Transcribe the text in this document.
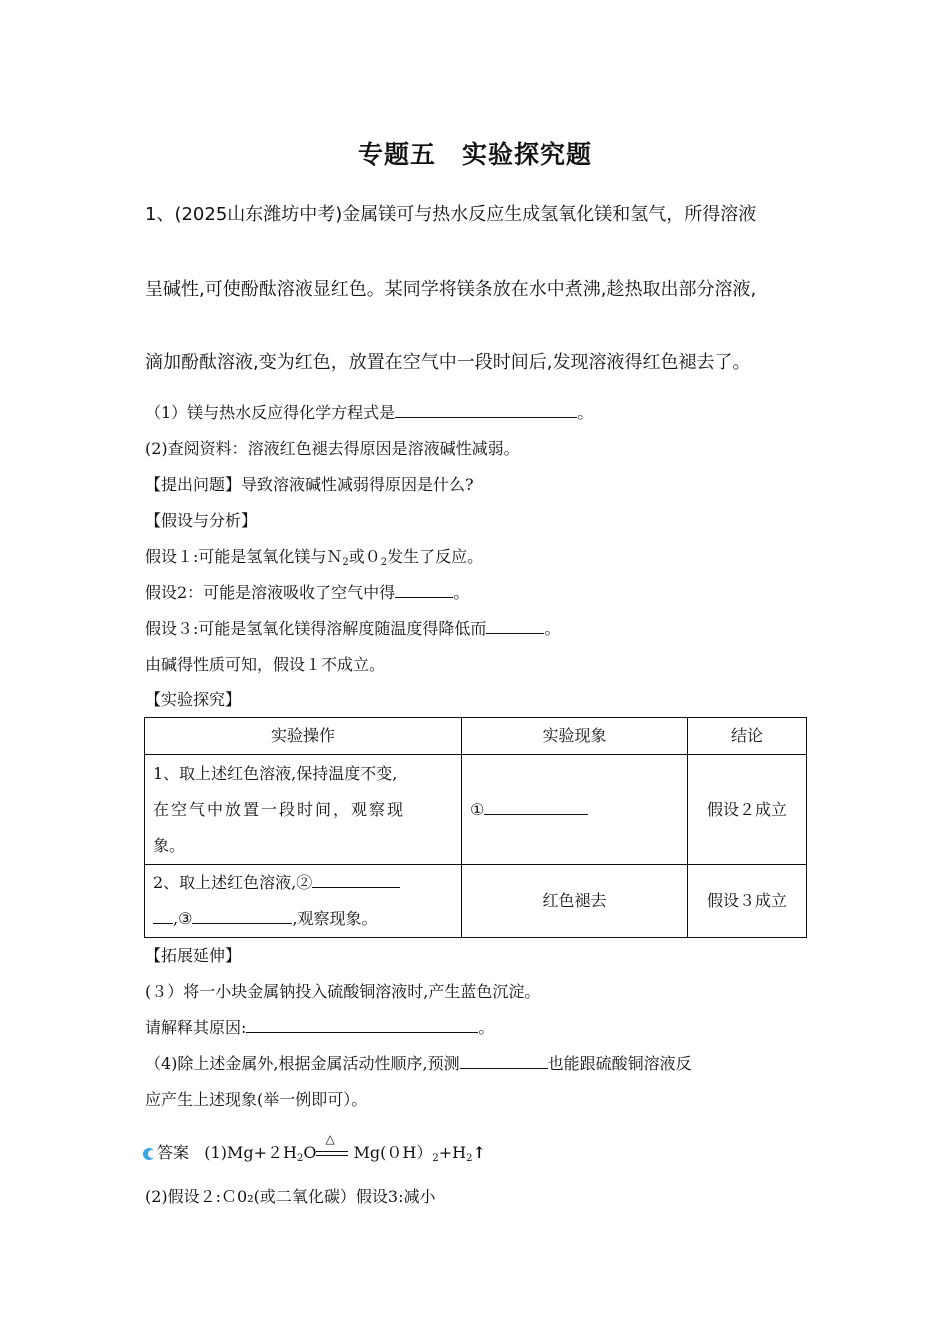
专题五　实验探究题
1、(2025山东潍坊中考)金属镁可与热水反应生成氢氧化镁和氢气，所得溶液
呈碱性,可使酚酞溶液显红色。某同学将镁条放在水中煮沸,趁热取出部分溶液,
滴加酚酞溶液,变为红色，放置在空气中一段时间后,发现溶液得红色褪去了。
（1）镁与热水反应得化学方程式是	。
(2)查阅资料：溶液红色褪去得原因是溶液碱性减弱。
【提出问题】导致溶液碱性减弱得原因是什么?
【假设与分析】
假设１:可能是氢氧化镁与Ｎ$_2$或$0_2$发生了反应。
假设2：可能是溶液吸收了空气中得	。
假设３:可能是氢氧化镁得溶解度随温度得降低而	。
由碱得性质可知，假设１不成立。
【实验探究】
实验操作	实验现象	结论

1、取上述红色溶液,保持温度不变,
在空气中放置一段时间，观察现
象。	①	假设２成立

2、取上述红色溶液,②
,③ ,观察现象。	红色褪去	假设３成立
【拓展延伸】
(３）将一小块金属钠投入硫酸铜溶液时,产生蓝色沉淀。
请解释其原因:	。
（4)除上述金属外,根据金属活动性顺序,预测	也能跟硫酸铜溶液反
应产生上述现象(举一例即可）。
答案 $(1)Mg+2H_2O$
△
$Mg(0H)_2+H_2↑$
(2)假设２:Ｃ0₂(或二氧化碳）假设3:减小
